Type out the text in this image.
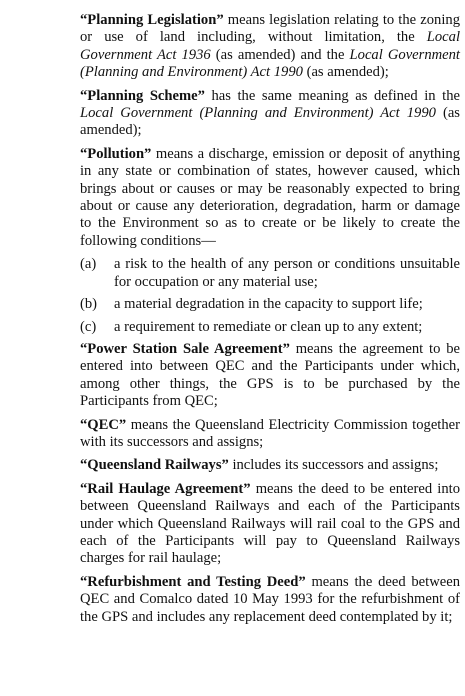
“Planning Legislation” means legislation relating to the zoning or use of land including, without limitation, the Local Government Act 1936 (as amended) and the Local Government (Planning and Environment) Act 1990 (as amended);

“Planning Scheme” has the same meaning as defined in the Local Government (Planning and Environment) Act 1990 (as amended);

“Pollution” means a discharge, emission or deposit of anything in any state or combination of states, however caused, which brings about or causes or may be reasonably expected to bring about or cause any deterioration, degradation, harm or damage to the Environment so as to create or be likely to create the following conditions—

(a)	a risk to the health of any person or conditions unsuitable for occupation or any material use;
(b)	a material degradation in the capacity to support life;
(c)	a requirement to remediate or clean up to any extent;

“Power Station Sale Agreement” means the agreement to be entered into between QEC and the Participants under which, among other things, the GPS is to be purchased by the Participants from QEC;

“QEC” means the Queensland Electricity Commission together with its successors and assigns;

“Queensland Railways” includes its successors and assigns;

“Rail Haulage Agreement” means the deed to be entered into between Queensland Railways and each of the Participants under which Queensland Railways will rail coal to the GPS and each of the Participants will pay to Queensland Railways charges for rail haulage;

“Refurbishment and Testing Deed” means the deed between QEC and Comalco dated 10 May 1993 for the refurbishment of the GPS and includes any replacement deed contemplated by it;
